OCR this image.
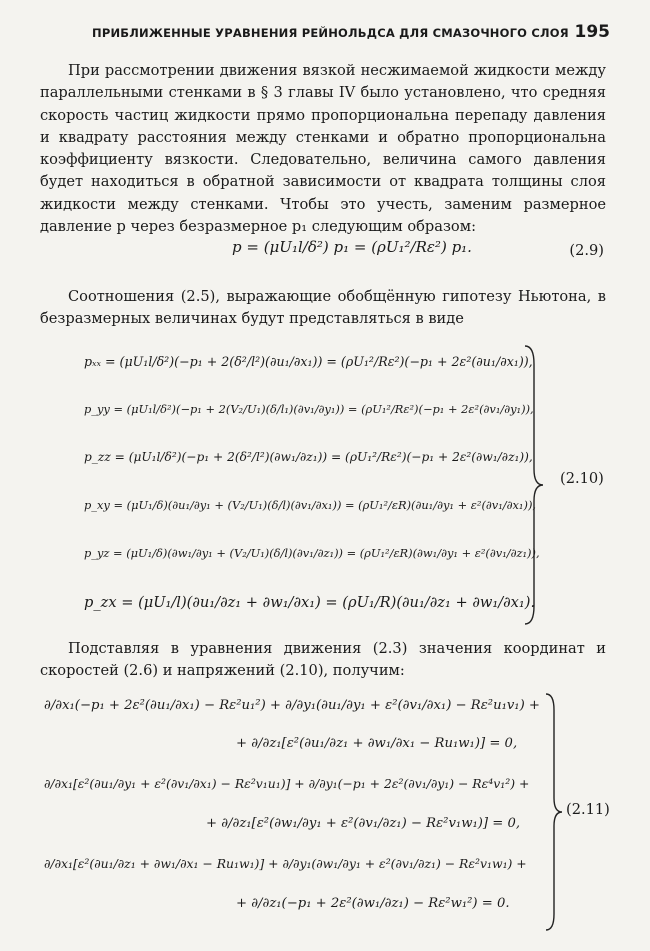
ПРИБЛИЖЕННЫЕ УРАВНЕНИЯ РЕЙНОЛЬДСА ДЛЯ СМАЗОЧНОГО СЛОЯ 195
При рассмотрении движения вязкой несжимаемой жидкости между параллельными стенками в § 3 главы IV было установлено, что средняя скорость частиц жидкости прямо пропорциональна перепаду давления и квадрату расстояния между стенками и обратно пропорциональна коэффициенту вязкости. Следовательно, величина самого давления будет находиться в обратной зависимости от квадрата толщины слоя жидкости между стенками. Чтобы это учесть, заменим размерное давление p через безразмерное p₁ следующим образом:
p = (μU₁l/δ²) p₁ = (ρU₁²/Rε²) p₁.	(2.9)
Соотношения (2.5), выражающие обобщённую гипотезу Ньютона, в безразмерных величинах будут представляться в виде
pₓₓ = (μU₁l/δ²)(−p₁ + 2(δ²/l²)(∂u₁/∂x₁)) = (ρU₁²/Rε²)(−p₁ + 2ε²(∂u₁/∂x₁)),
p_yy = (μU₁l/δ²)(−p₁ + 2(V₂/U₁)(δ/l₁)(∂v₁/∂y₁)) = (ρU₁²/Rε²)(−p₁ + 2ε²(∂v₁/∂y₁)),
p_zz = (μU₁l/δ²)(−p₁ + 2(δ²/l²)(∂w₁/∂z₁)) = (ρU₁²/Rε²)(−p₁ + 2ε²(∂w₁/∂z₁)),
p_xy = (μU₁/δ)(∂u₁/∂y₁ + (V₂/U₁)(δ/l)(∂v₁/∂x₁)) = (ρU₁²/εR)(∂u₁/∂y₁ + ε²(∂v₁/∂x₁)),
p_yz = (μU₁/δ)(∂w₁/∂y₁ + (V₂/U₁)(δ/l)(∂v₁/∂z₁)) = (ρU₁²/εR)(∂w₁/∂y₁ + ε²(∂v₁/∂z₁)),
p_zx = (μU₁/l)(∂u₁/∂z₁ + ∂w₁/∂x₁) = (ρU₁/R)(∂u₁/∂z₁ + ∂w₁/∂x₁).
(2.10)
Подставляя в уравнения движения (2.3) значения координат и скоростей (2.6) и напряжений (2.10), получим:
∂/∂x₁(−p₁ + 2ε²(∂u₁/∂x₁) − Rε²u₁²) + ∂/∂y₁(∂u₁/∂y₁ + ε²(∂v₁/∂x₁) − Rε²u₁v₁) +
+ ∂/∂z₁[ε²(∂u₁/∂z₁ + ∂w₁/∂x₁ − Ru₁w₁)] = 0,
∂/∂x₁[ε²(∂u₁/∂y₁ + ε²(∂v₁/∂x₁) − Rε²v₁u₁)] + ∂/∂y₁(−p₁ + 2ε²(∂v₁/∂y₁) − Rε⁴v₁²) +
+ ∂/∂z₁[ε²(∂w₁/∂y₁ + ε²(∂v₁/∂z₁) − Rε²v₁w₁)] = 0,
∂/∂x₁[ε²(∂u₁/∂z₁ + ∂w₁/∂x₁ − Ru₁w₁)] + ∂/∂y₁(∂w₁/∂y₁ + ε²(∂v₁/∂z₁) − Rε²v₁w₁) +
+ ∂/∂z₁(−p₁ + 2ε²(∂w₁/∂z₁) − Rε²w₁²) = 0.
(2.11)
